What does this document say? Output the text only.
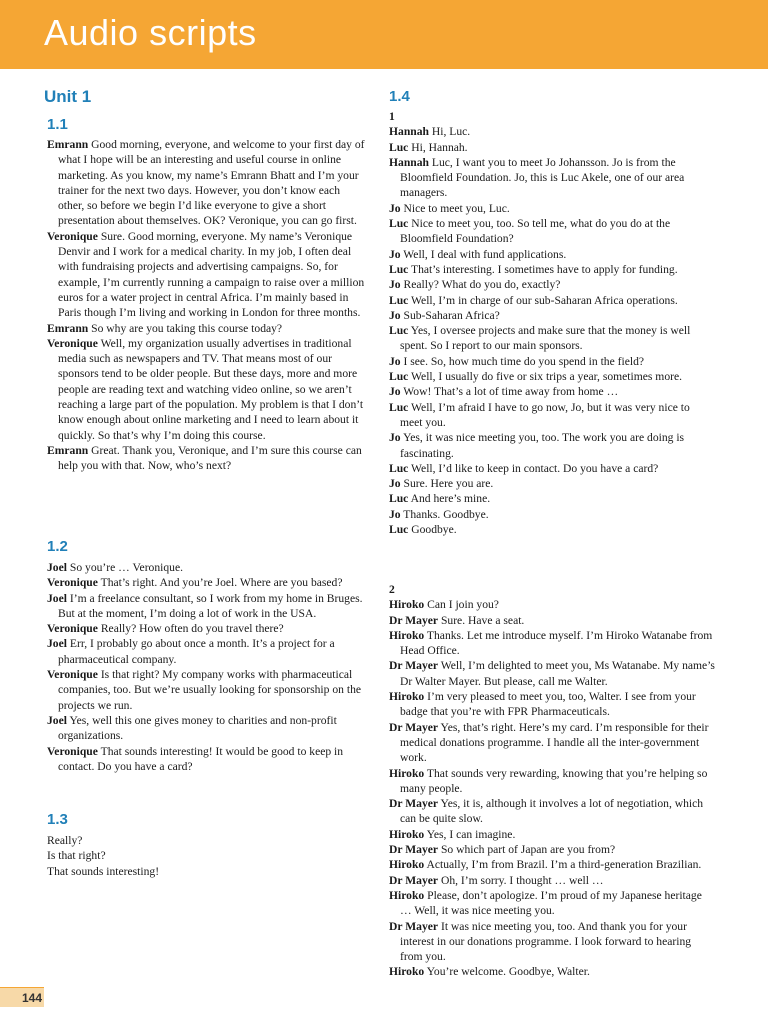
Audio scripts
Unit 1
1.1

Emrann Good morning, everyone, and welcome to your first day of what I hope will be an interesting and useful course in online marketing. As you know, my name’s Emrann Bhatt and I’m your trainer for the next two days. However, you don’t know each other, so before we begin I’d like everyone to give a short presentation about themselves. OK? Veronique, you can go first.

Veronique Sure. Good morning, everyone. My name’s Veronique Denvir and I work for a medical charity. In my job, I often deal with fundraising projects and advertising campaigns. So, for example, I’m currently running a campaign to raise over a million euros for a water project in central Africa. I’m mainly based in Paris though I’m living and working in London for three months.

Emrann So why are you taking this course today?

Veronique Well, my organization usually advertises in traditional media such as newspapers and TV. That means most of our sponsors tend to be older people. But these days, more and more people are reading text and watching video online, so we aren’t reaching a large part of the population. My problem is that I don’t know enough about online marketing and I need to learn about it quickly. So that’s why I’m doing this course.

Emrann Great. Thank you, Veronique, and I’m sure this course can help you with that. Now, who’s next?

1.2

Joel So you’re … Veronique.

Veronique That’s right. And you’re Joel. Where are you based?

Joel I’m a freelance consultant, so I work from my home in Bruges. But at the moment, I’m doing a lot of work in the USA.

Veronique Really? How often do you travel there?

Joel Err, I probably go about once a month. It’s a project for a pharmaceutical company.

Veronique Is that right? My company works with pharmaceutical companies, too. But we’re usually looking for sponsorship on the projects we run.

Joel Yes, well this one gives money to charities and non-profit organizations.

Veronique That sounds interesting! It would be good to keep in contact. Do you have a card?

1.3

Really?

Is that right?

That sounds interesting!

1.4

1

Hannah Hi, Luc.

Luc Hi, Hannah.

Hannah Luc, I want you to meet Jo Johansson. Jo is from the Bloomfield Foundation. Jo, this is Luc Akele, one of our area managers.

Jo Nice to meet you, Luc.

Luc Nice to meet you, too. So tell me, what do you do at the Bloomfield Foundation?

Jo Well, I deal with fund applications.

Luc That’s interesting. I sometimes have to apply for funding.

Jo Really? What do you do, exactly?

Luc Well, I’m in charge of our sub-Saharan Africa operations.

Jo Sub-Saharan Africa?

Luc Yes, I oversee projects and make sure that the money is well spent. So I report to our main sponsors.

Jo I see. So, how much time do you spend in the field?

Luc Well, I usually do five or six trips a year, sometimes more.

Jo Wow! That’s a lot of time away from home …

Luc Well, I’m afraid I have to go now, Jo, but it was very nice to meet you.

Jo Yes, it was nice meeting you, too. The work you are doing is fascinating.

Luc Well, I’d like to keep in contact. Do you have a card?

Jo Sure. Here you are.

Luc And here’s mine.

Jo Thanks. Goodbye.

Luc Goodbye.

2

Hiroko Can I join you?

Dr Mayer Sure. Have a seat.

Hiroko Thanks. Let me introduce myself. I’m Hiroko Watanabe from Head Office.

Dr Mayer Well, I’m delighted to meet you, Ms Watanabe. My name’s Dr Walter Mayer. But please, call me Walter.

Hiroko I’m very pleased to meet you, too, Walter. I see from your badge that you’re with FPR Pharmaceuticals.

Dr Mayer Yes, that’s right. Here’s my card. I’m responsible for their medical donations programme. I handle all the inter-government work.

Hiroko That sounds very rewarding, knowing that you’re helping so many people.

Dr Mayer Yes, it is, although it involves a lot of negotiation, which can be quite slow.

Hiroko Yes, I can imagine.

Dr Mayer So which part of Japan are you from?

Hiroko Actually, I’m from Brazil. I’m a third-generation Brazilian.

Dr Mayer Oh, I’m sorry. I thought … well …

Hiroko Please, don’t apologize. I’m proud of my Japanese heritage … Well, it was nice meeting you.

Dr Mayer It was nice meeting you, too. And thank you for your interest in our donations programme. I look forward to hearing from you.

Hiroko You’re welcome. Goodbye, Walter.

144
